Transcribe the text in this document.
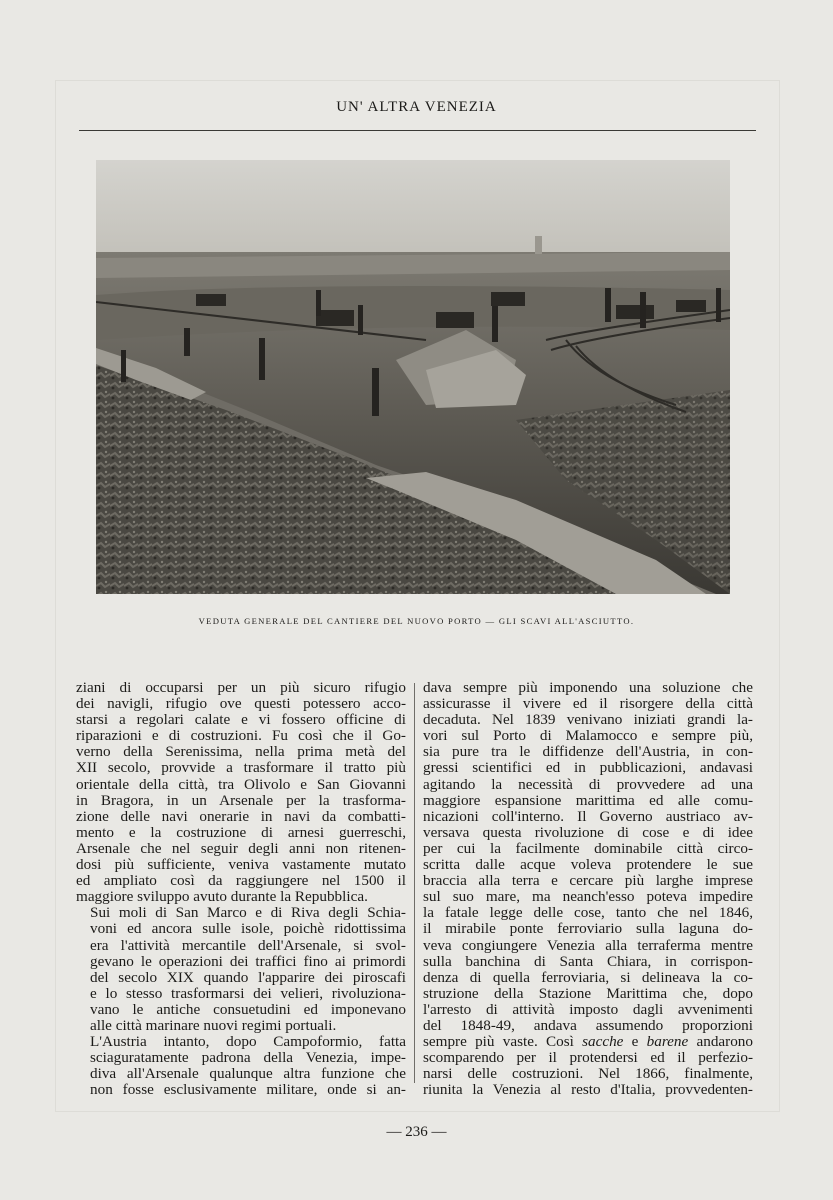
UN' ALTRA VENEZIA
VEDUTA GENERALE DEL CANTIERE DEL NUOVO PORTO — GLI SCAVI ALL'ASCIUTTO.

ziani di occuparsi per un più sicuro rifugio
dei navigli, rifugio ove questi potessero acco-
starsi a regolari calate e vi fossero officine di
riparazioni e di costruzioni. Fu così che il Go-
verno della Serenissima, nella prima metà del
XII secolo, provvide a trasformare il tratto più
orientale della città, tra Olivolo e San Giovanni
in Bragora, in un Arsenale per la trasforma-
zione delle navi onerarie in navi da combatti-
mento e la costruzione di arnesi guerreschi,
Arsenale che nel seguir degli anni non ritenen-
dosi più sufficiente, veniva vastamente mutato
ed ampliato così da raggiungere nel 1500 il
maggiore sviluppo avuto durante la Repubblica.

Sui moli di San Marco e di Riva degli Schia-
voni ed ancora sulle isole, poichè ridottissima
era l'attività mercantile dell'Arsenale, si svol-
gevano le operazioni dei traffici fino ai primordi
del secolo XIX quando l'apparire dei piroscafi
e lo stesso trasformarsi dei velieri, rivoluziona-
vano le antiche consuetudini ed imponevano
alle città marinare nuovi regimi portuali.

L'Austria intanto, dopo Campoformio, fatta
sciaguratamente padrona della Venezia, impe-
diva all'Arsenale qualunque altra funzione che
non fosse esclusivamente militare, onde si an-

dava sempre più imponendo una soluzione che
assicurasse il vivere ed il risorgere della città
decaduta. Nel 1839 venivano iniziati grandi la-
vori sul Porto di Malamocco e sempre più,
sia pure tra le diffidenze dell'Austria, in con-
gressi scientifici ed in pubblicazioni, andavasi
agitando la necessità di provvedere ad una
maggiore espansione marittima ed alle comu-
nicazioni coll'interno. Il Governo austriaco av-
versava questa rivoluzione di cose e di idee
per cui la facilmente dominabile città circo-
scritta dalle acque voleva protendere le sue
braccia alla terra e cercare più larghe imprese
sul suo mare, ma neanch'esso poteva impedire
la fatale legge delle cose, tanto che nel 1846,
il mirabile ponte ferroviario sulla laguna do-
veva congiungere Venezia alla terraferma mentre
sulla banchina di Santa Chiara, in corrispon-
denza di quella ferroviaria, si delineava la co-
struzione della Stazione Marittima che, dopo
l'arresto di attività imposto dagli avvenimenti
del 1848-49, andava assumendo proporzioni
sempre più vaste. Così sacche e barene andarono
scomparendo per il protendersi ed il perfezio-
narsi delle costruzioni. Nel 1866, finalmente,
riunita la Venezia al resto d'Italia, provvedenten-

— 236 —
